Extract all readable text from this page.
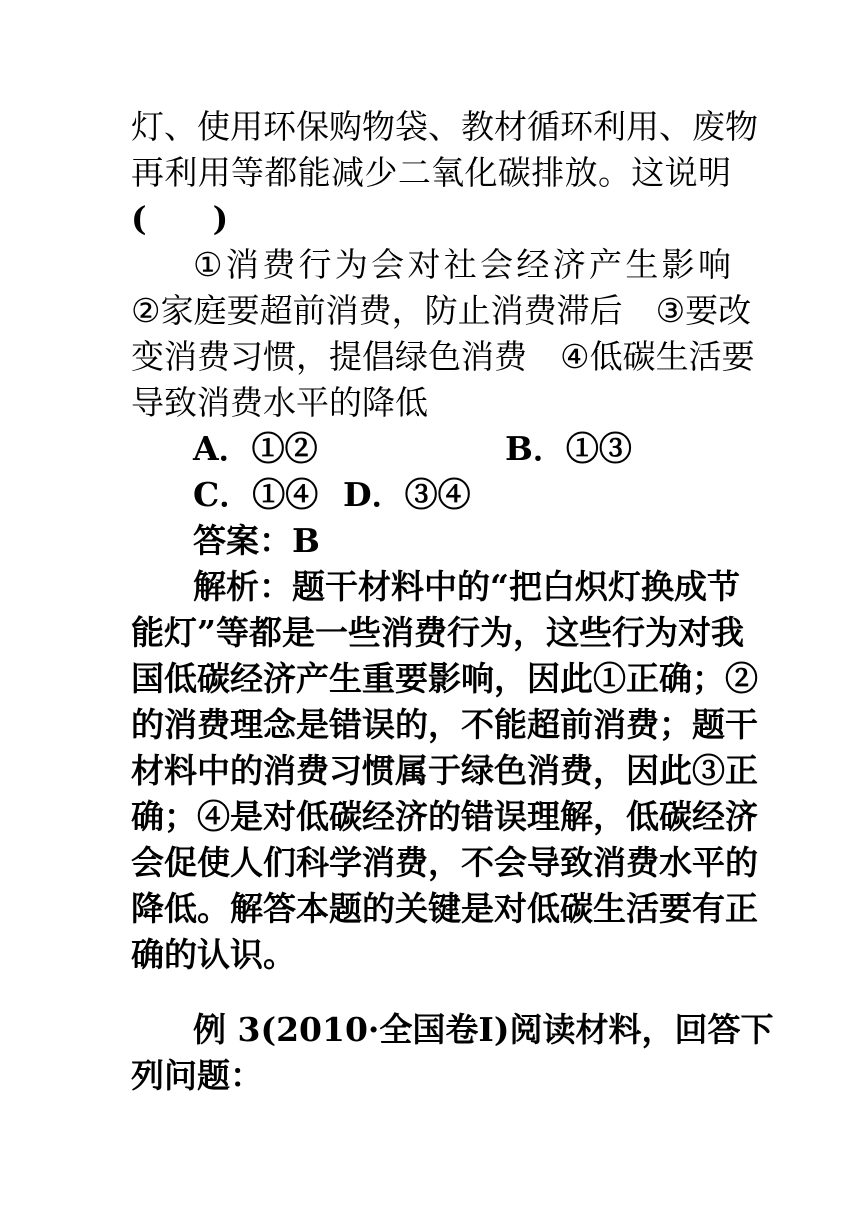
灯、使用环保购物袋、教材循环利用、废物
再利用等都能减少二氧化碳排放。这说明
(　　)
①消费行为会对社会经济产生影响
②家庭要超前消费，防止消费滞后　③要改
变消费习惯，提倡绿色消费　④低碳生活要
导致消费水平的降低
A．①②	B．①③
C．①④ D．③④
答案：B
解析：题干材料中的“把白炽灯换成节
能灯”等都是一些消费行为，这些行为对我
国低碳经济产生重要影响，因此①正确；②
的消费理念是错误的，不能超前消费；题干
材料中的消费习惯属于绿色消费，因此③正
确；④是对低碳经济的错误理解，低碳经济
会促使人们科学消费，不会导致消费水平的
降低。解答本题的关键是对低碳生活要有正
确的认识。
例 3(2010·全国卷Ⅰ)阅读材料，回答下
列问题：
